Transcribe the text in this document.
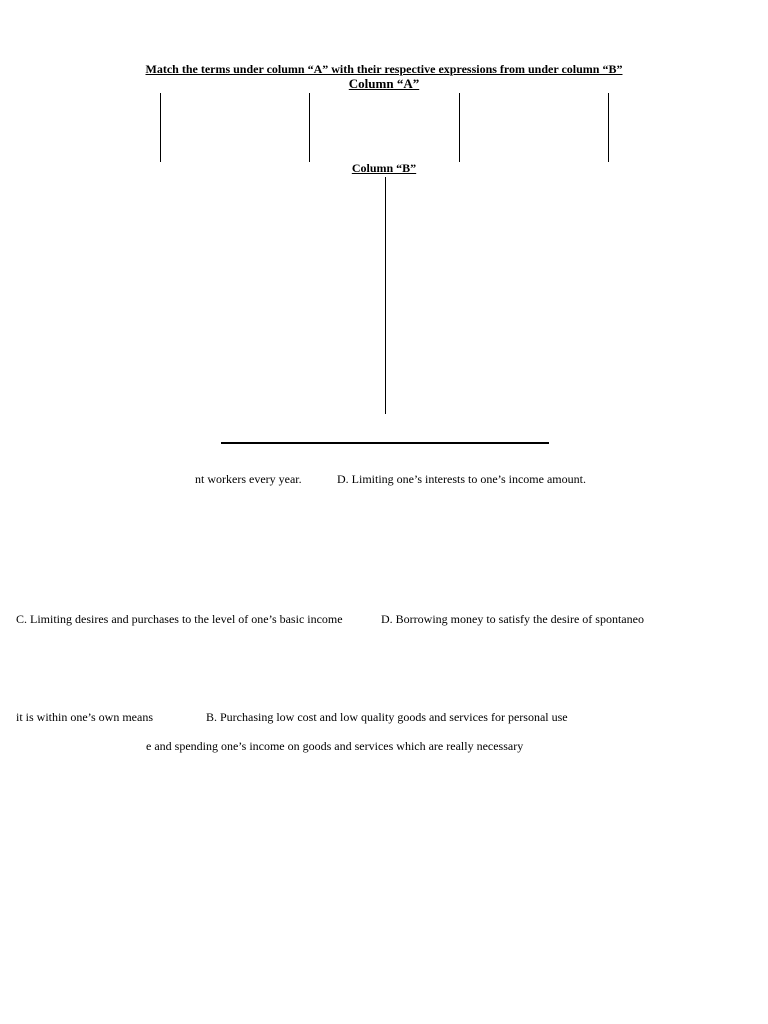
Match the terms under column “A” with their respective expressions from under column “B”
Column “A”
Column “B”
nt workers every year.	D. Limiting one’s interests to one’s income amount.
C. Limiting desires and purchases to the level of one’s basic income	D. Borrowing money to satisfy the desire of spontaneo
it is within one’s own means	B. Purchasing low cost and low quality goods and services for personal use
e and spending one’s income on goods and services which are really necessary
